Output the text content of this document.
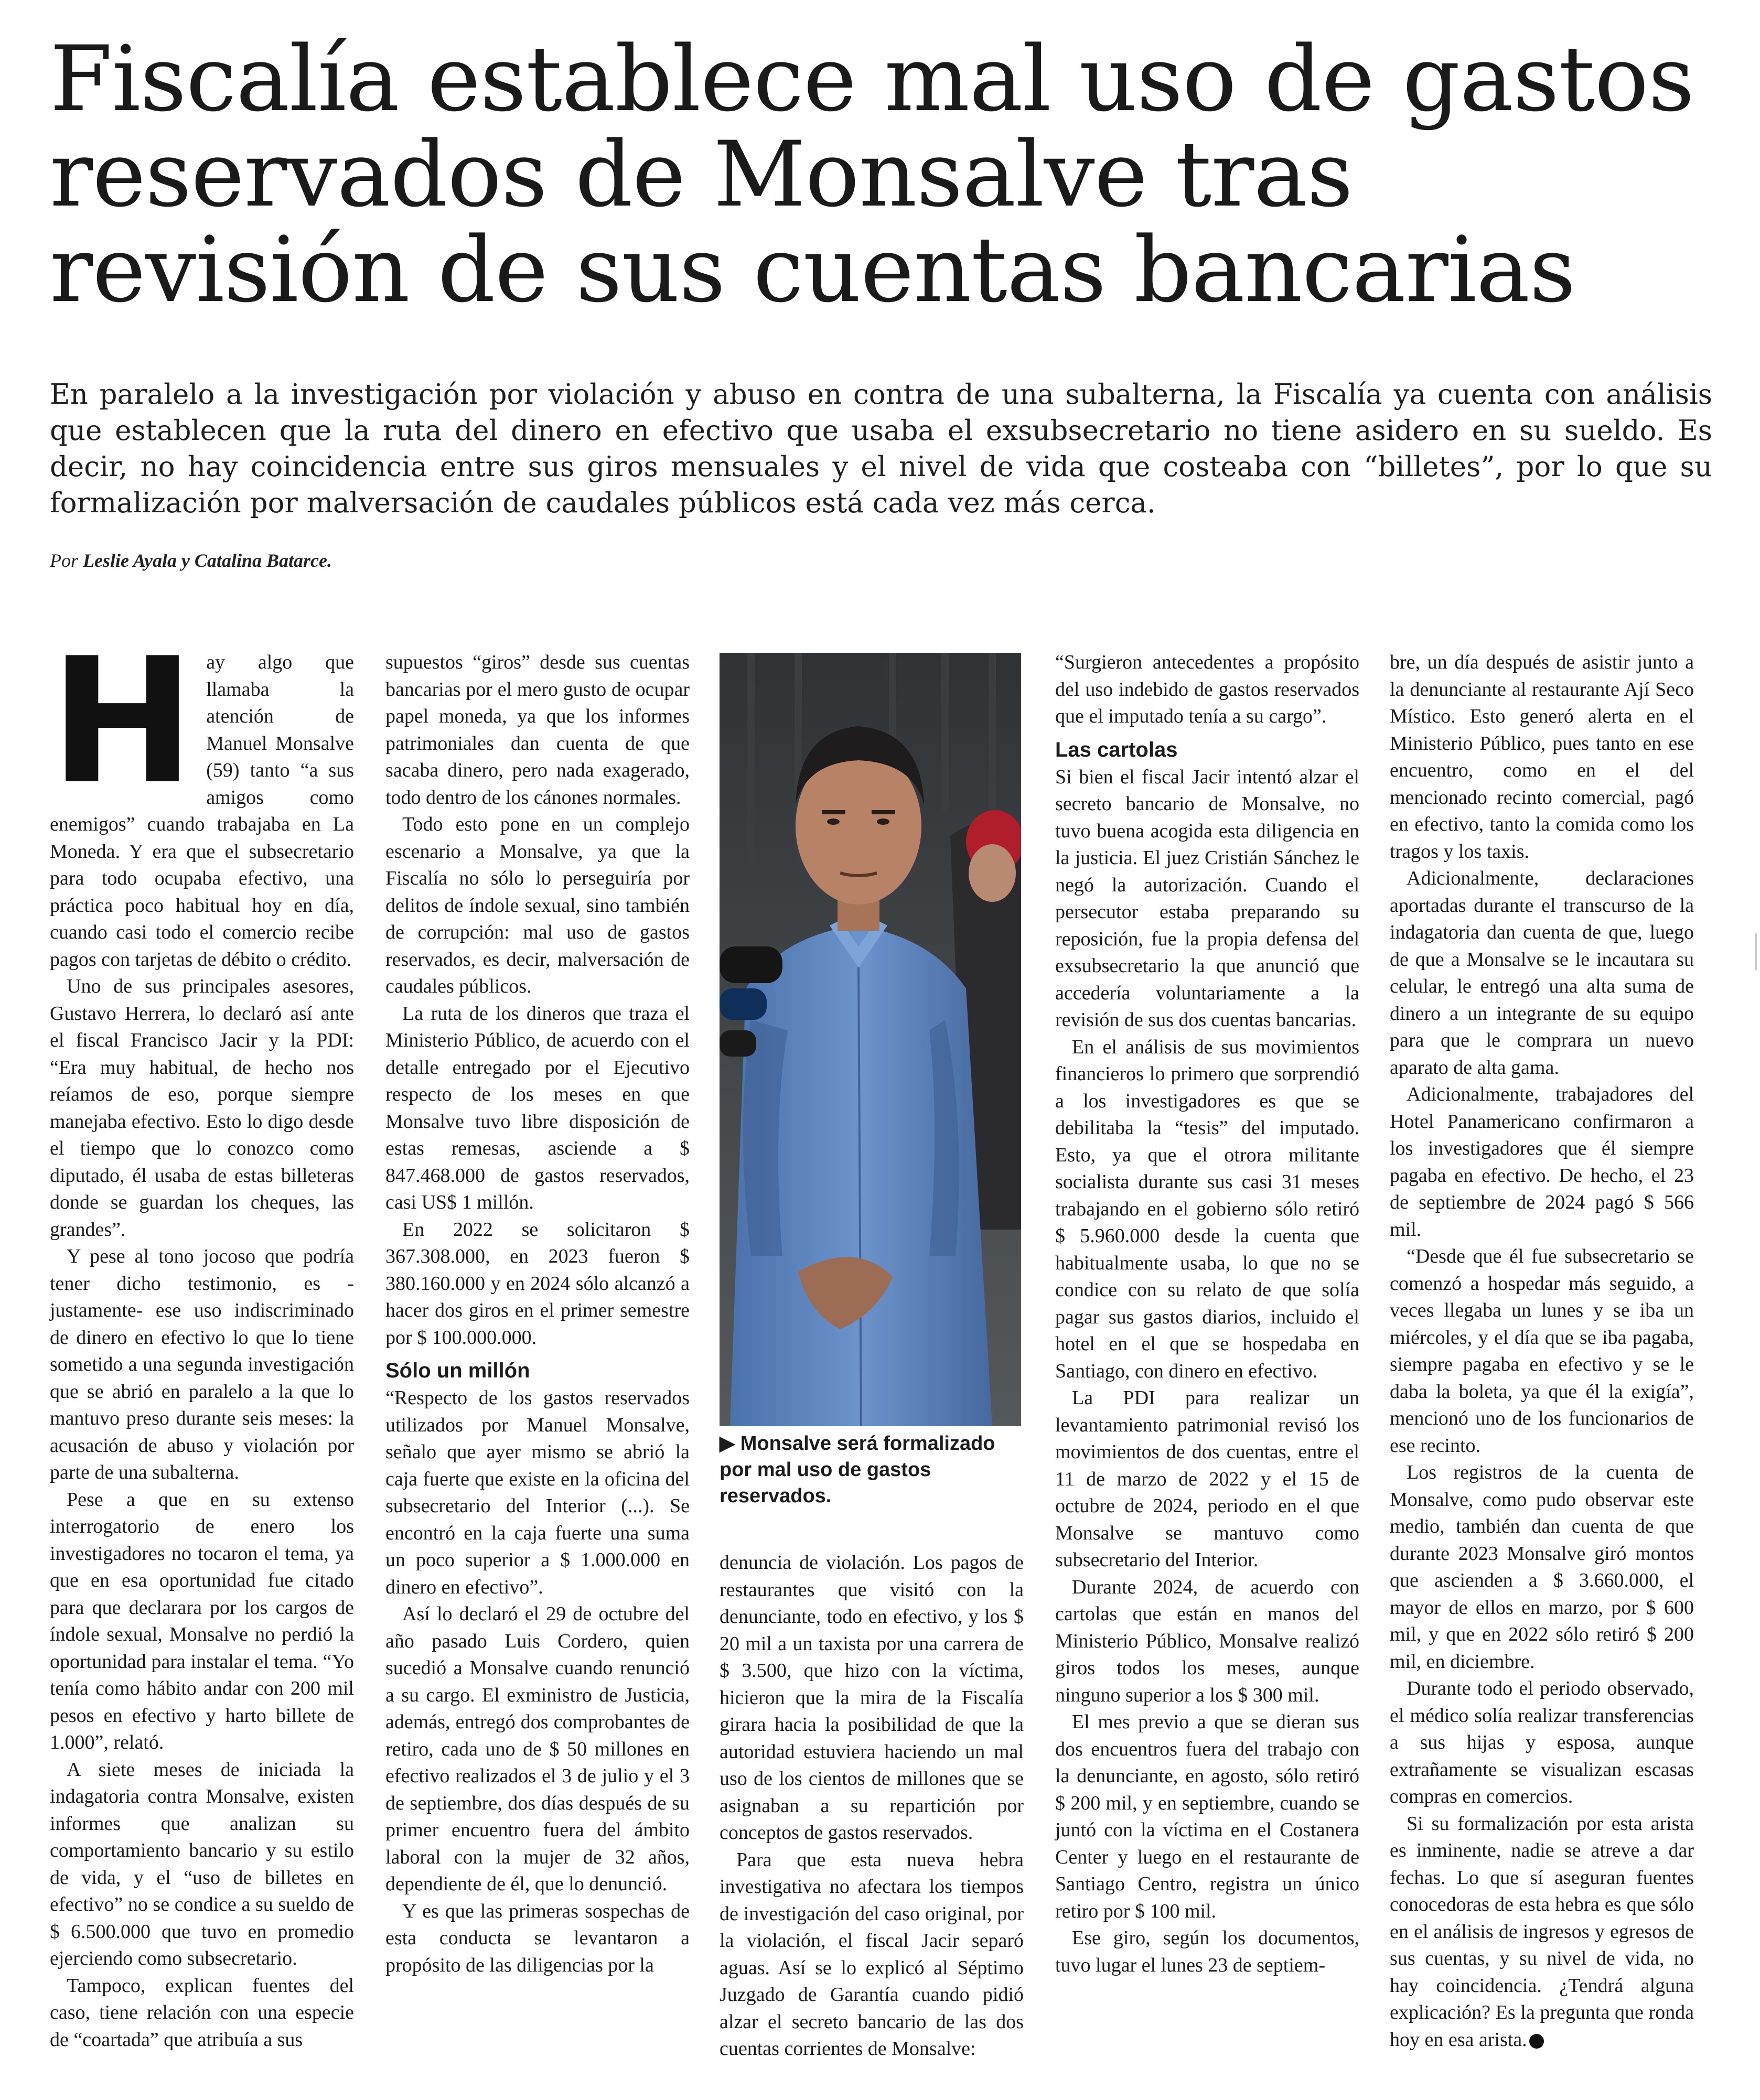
Fiscalía establece mal uso de gastos reservados de Monsalve tras revisión de sus cuentas bancarias

En paralelo a la investigación por violación y abuso en contra de una subalterna, la Fiscalía ya cuenta con análisis que establecen que la ruta del dinero en efectivo que usaba el exsubsecretario no tiene asidero en su sueldo. Es decir, no hay coincidencia entre sus giros mensuales y el nivel de vida que costeaba con “billetes”, por lo que su formalización por malversación de caudales públicos está cada vez más cerca.

Por Leslie Ayala y Catalina Batarce.
H ay algo que llamaba la atención de Manuel Monsalve (59) tanto “a sus amigos como enemigos” cuando trabajaba en La Moneda. Y era que el subsecretario para todo ocupaba efectivo, una práctica poco habitual hoy en día, cuando casi todo el comercio recibe pagos con tarjetas de débito o crédito.

Uno de sus principales asesores, Gustavo Herrera, lo declaró así ante el fiscal Francisco Jacir y la PDI: “Era muy habitual, de hecho nos reíamos de eso, porque siempre manejaba efectivo. Esto lo digo desde el tiempo que lo conozco como diputado, él usaba de estas billeteras donde se guardan los cheques, las grandes”.

Y pese al tono jocoso que podría tener dicho testimonio, es -justamente- ese uso indiscriminado de dinero en efectivo lo que lo tiene sometido a una segunda investigación que se abrió en paralelo a la que lo mantuvo preso durante seis meses: la acusación de abuso y violación por parte de una subalterna.

Pese a que en su extenso interrogatorio de enero los investigadores no tocaron el tema, ya que en esa oportunidad fue citado para que declarara por los cargos de índole sexual, Monsalve no perdió la oportunidad para instalar el tema. “Yo tenía como hábito andar con 200 mil pesos en efectivo y harto billete de 1.000”, relató.

A siete meses de iniciada la indagatoria contra Monsalve, existen informes que analizan su comportamiento bancario y su estilo de vida, y el “uso de billetes en efectivo” no se condice a su sueldo de $ 6.500.000 que tuvo en promedio ejerciendo como subsecretario.

Tampoco, explican fuentes del caso, tiene relación con una especie de “coartada” que atribuía a sus

supuestos “giros” desde sus cuentas bancarias por el mero gusto de ocupar papel moneda, ya que los informes patrimoniales dan cuenta de que sacaba dinero, pero nada exagerado, todo dentro de los cánones normales.

Todo esto pone en un complejo escenario a Monsalve, ya que la Fiscalía no sólo lo perseguiría por delitos de índole sexual, sino también de corrupción: mal uso de gastos reservados, es decir, malversación de caudales públicos.

La ruta de los dineros que traza el Ministerio Público, de acuerdo con el detalle entregado por el Ejecutivo respecto de los meses en que Monsalve tuvo libre disposición de estas remesas, asciende a $ 847.468.000 de gastos reservados, casi US$ 1 millón.

En 2022 se solicitaron $ 367.308.000, en 2023 fueron $ 380.160.000 y en 2024 sólo alcanzó a hacer dos giros en el primer semestre por $ 100.000.000.

Sólo un millón

“Respecto de los gastos reservados utilizados por Manuel Monsalve, señalo que ayer mismo se abrió la caja fuerte que existe en la oficina del subsecretario del Interior (...). Se encontró en la caja fuerte una suma un poco superior a $ 1.000.000 en dinero en efectivo”.

Así lo declaró el 29 de octubre del año pasado Luis Cordero, quien sucedió a Monsalve cuando renunció a su cargo. El exministro de Justicia, además, entregó dos comprobantes de retiro, cada uno de $ 50 millones en efectivo realizados el 3 de julio y el 3 de septiembre, dos días después de su primer encuentro fuera del ámbito laboral con la mujer de 32 años, dependiente de él, que lo denunció.

Y es que las primeras sospechas de esta conducta se levantaron a propósito de las diligencias por la

▶ Monsalve será formalizado por mal uso de gastos reservados.

denuncia de violación. Los pagos de restaurantes que visitó con la denunciante, todo en efectivo, y los $ 20 mil a un taxista por una carrera de $ 3.500, que hizo con la víctima, hicieron que la mira de la Fiscalía girara hacia la posibilidad de que la autoridad estuviera haciendo un mal uso de los cientos de millones que se asignaban a su repartición por conceptos de gastos reservados.

Para que esta nueva hebra investigativa no afectara los tiempos de investigación del caso original, por la violación, el fiscal Jacir separó aguas. Así se lo explicó al Séptimo Juzgado de Garantía cuando pidió alzar el secreto bancario de las dos cuentas corrientes de Monsalve:

“Surgieron antecedentes a propósito del uso indebido de gastos reservados que el imputado tenía a su cargo”.

Las cartolas

Si bien el fiscal Jacir intentó alzar el secreto bancario de Monsalve, no tuvo buena acogida esta diligencia en la justicia. El juez Cristián Sánchez le negó la autorización. Cuando el persecutor estaba preparando su reposición, fue la propia defensa del exsubsecretario la que anunció que accedería voluntariamente a la revisión de sus dos cuentas bancarias.

En el análisis de sus movimientos financieros lo primero que sorprendió a los investigadores es que se debilitaba la “tesis” del imputado. Esto, ya que el otrora militante socialista durante sus casi 31 meses trabajando en el gobierno sólo retiró $ 5.960.000 desde la cuenta que habitualmente usaba, lo que no se condice con su relato de que solía pagar sus gastos diarios, incluido el hotel en el que se hospedaba en Santiago, con dinero en efectivo.

La PDI para realizar un levantamiento patrimonial revisó los movimientos de dos cuentas, entre el 11 de marzo de 2022 y el 15 de octubre de 2024, periodo en el que Monsalve se mantuvo como subsecretario del Interior.

Durante 2024, de acuerdo con cartolas que están en manos del Ministerio Público, Monsalve realizó giros todos los meses, aunque ninguno superior a los $ 300 mil.

El mes previo a que se dieran sus dos encuentros fuera del trabajo con la denunciante, en agosto, sólo retiró $ 200 mil, y en septiembre, cuando se juntó con la víctima en el Costanera Center y luego en el restaurante de Santiago Centro, registra un único retiro por $ 100 mil.

Ese giro, según los documentos, tuvo lugar el lunes 23 de septiem-

bre, un día después de asistir junto a la denunciante al restaurante Ají Seco Místico. Esto generó alerta en el Ministerio Público, pues tanto en ese encuentro, como en el del mencionado recinto comercial, pagó en efectivo, tanto la comida como los tragos y los taxis.

Adicionalmente, declaraciones aportadas durante el transcurso de la indagatoria dan cuenta de que, luego de que a Monsalve se le incautara su celular, le entregó una alta suma de dinero a un integrante de su equipo para que le comprara un nuevo aparato de alta gama.

Adicionalmente, trabajadores del Hotel Panamericano confirmaron a los investigadores que él siempre pagaba en efectivo. De hecho, el 23 de septiembre de 2024 pagó $ 566 mil.

“Desde que él fue subsecretario se comenzó a hospedar más seguido, a veces llegaba un lunes y se iba un miércoles, y el día que se iba pagaba, siempre pagaba en efectivo y se le daba la boleta, ya que él la exigía”, mencionó uno de los funcionarios de ese recinto.

Los registros de la cuenta de Monsalve, como pudo observar este medio, también dan cuenta de que durante 2023 Monsalve giró montos que ascienden a $ 3.660.000, el mayor de ellos en marzo, por $ 600 mil, y que en 2022 sólo retiró $ 200 mil, en diciembre.

Durante todo el periodo observado, el médico solía realizar transferencias a sus hijas y esposa, aunque extrañamente se visualizan escasas compras en comercios.

Si su formalización por esta arista es inminente, nadie se atreve a dar fechas. Lo que sí aseguran fuentes conocedoras de esta hebra es que sólo en el análisis de ingresos y egresos de sus cuentas, y su nivel de vida, no hay coincidencia. ¿Tendrá alguna explicación? Es la pregunta que ronda hoy en esa arista.
